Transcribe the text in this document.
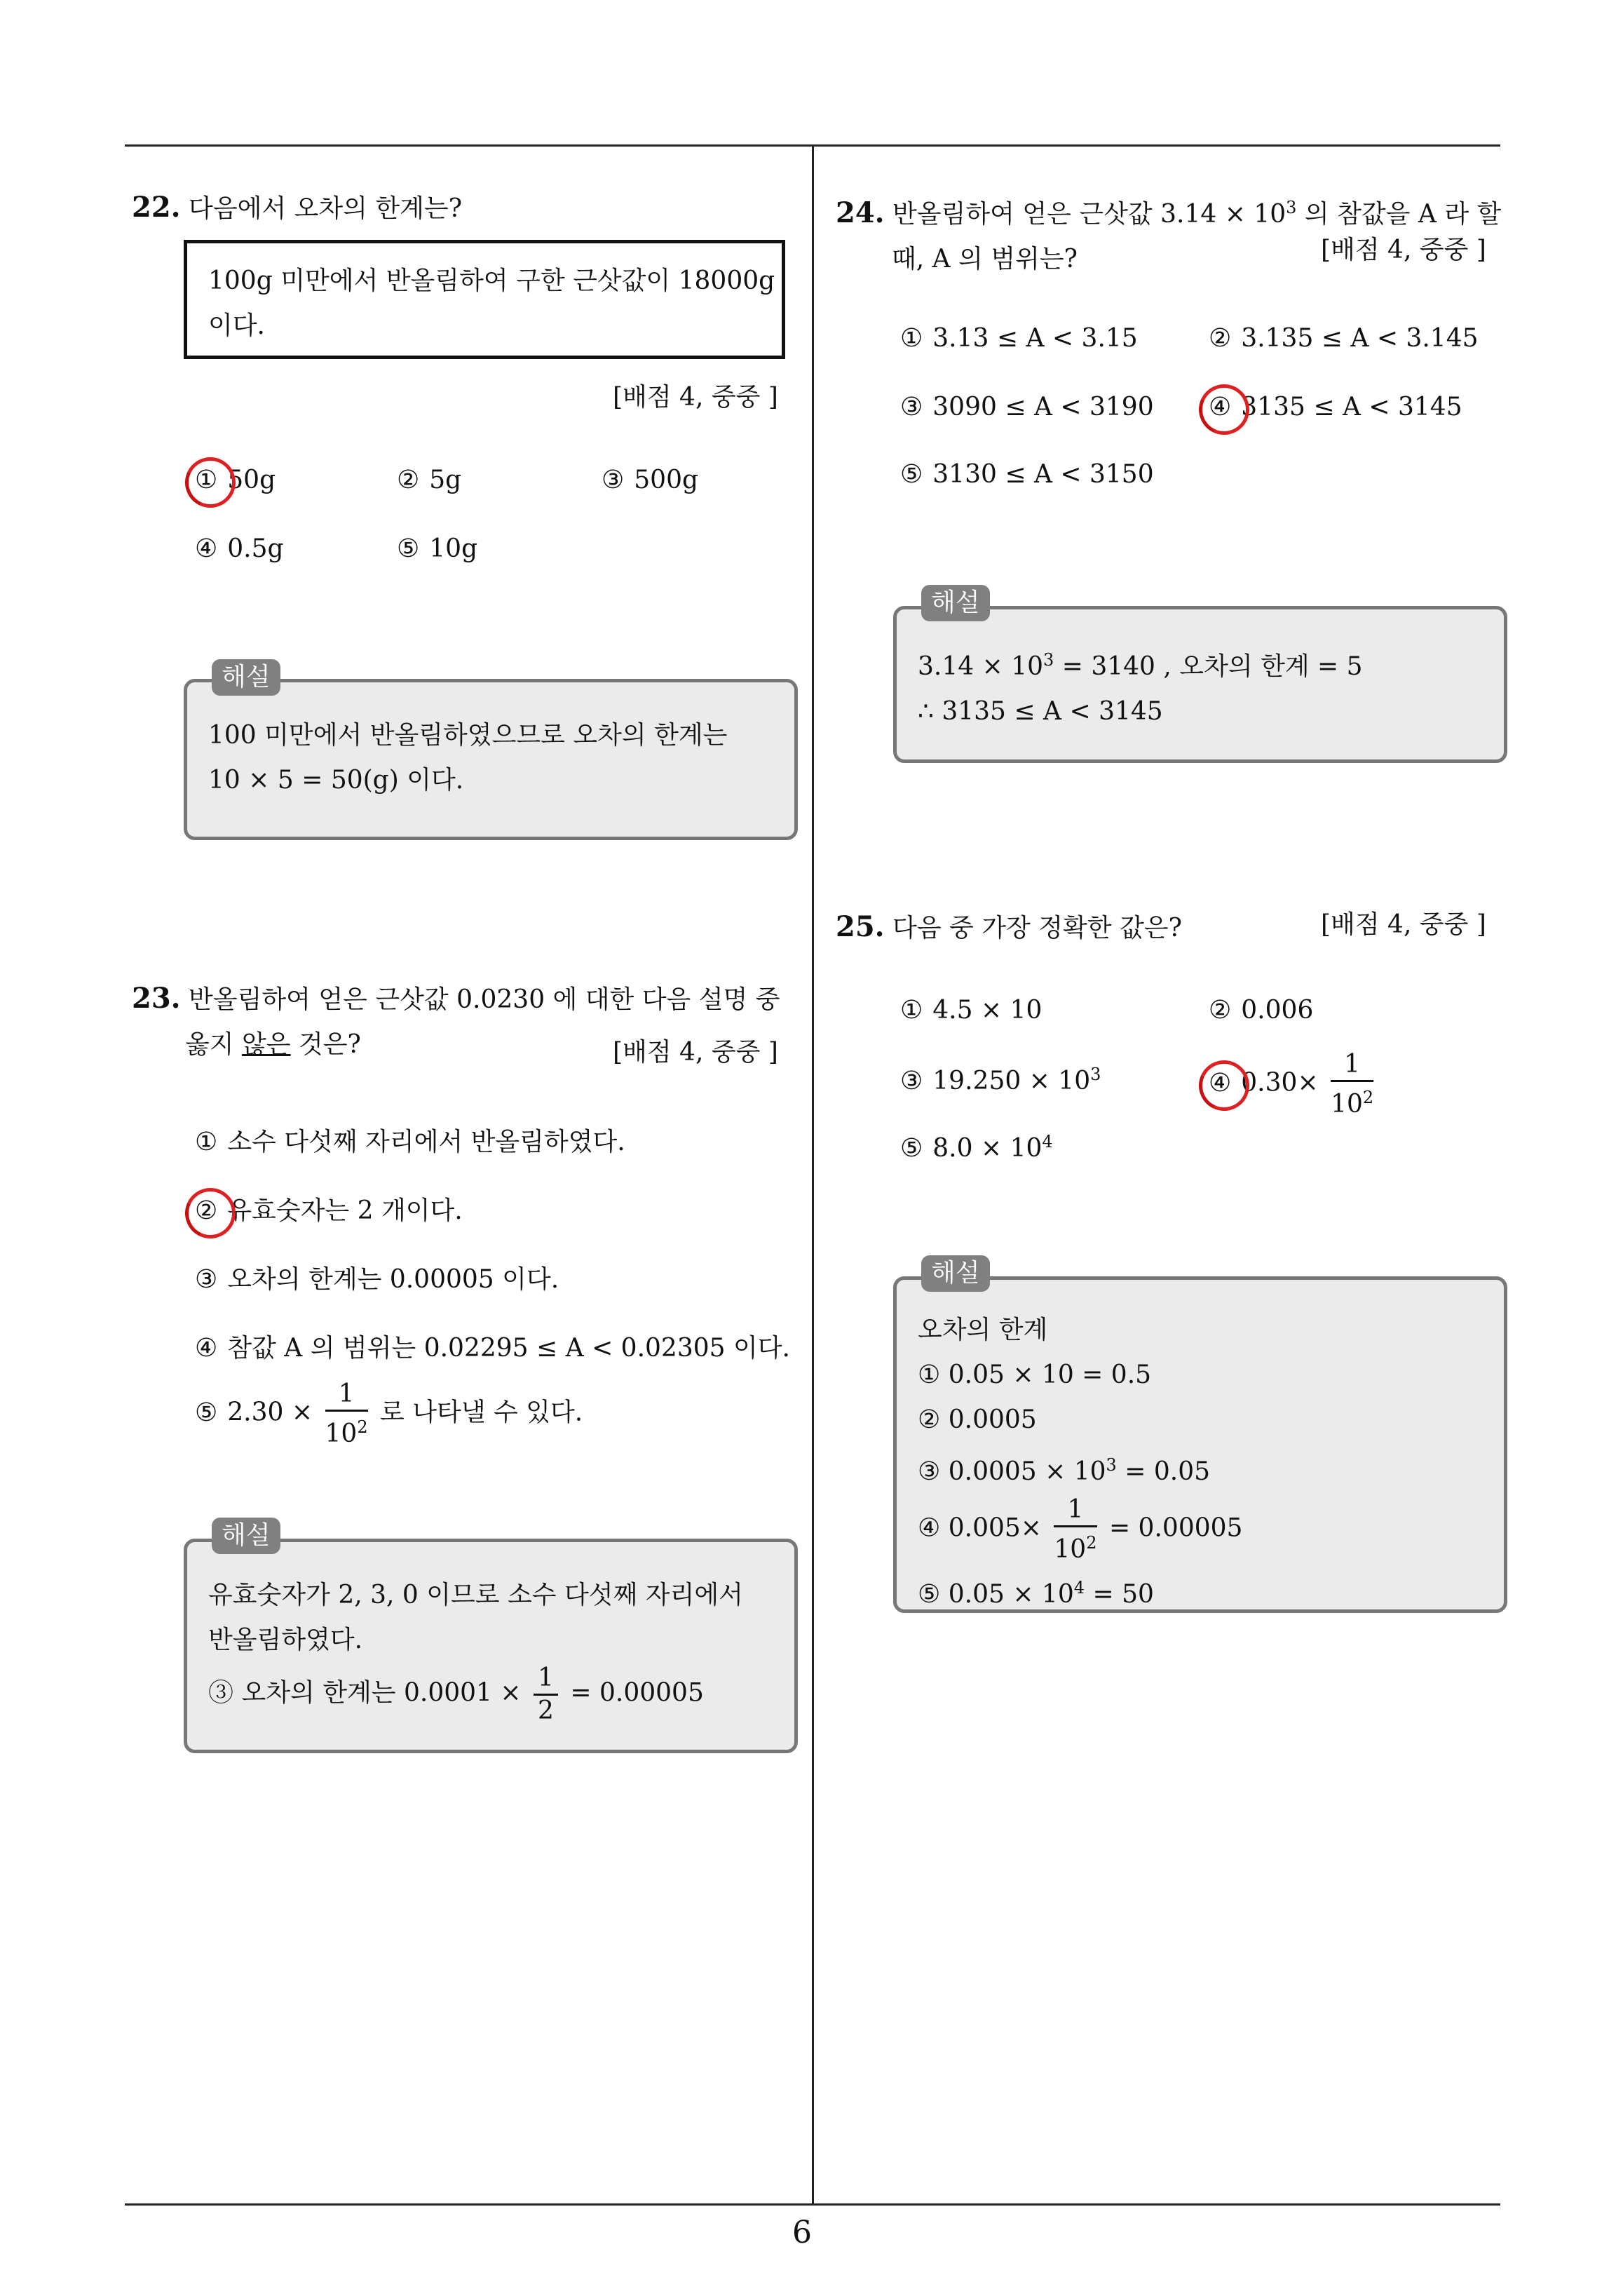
22. 다음에서 오차의 한계는?
100g 미만에서 반올림하여 구한 근삿값이 18000g
이다.
[배점 4, 중중 ]
① 50g	② 5g	③ 500g
④ 0.5g	⑤ 10g
100 미만에서 반올림하였으므로 오차의 한계는
10 × 5 = 50(g) 이다.
해설
23. 반올림하여 얻은 근삿값 0.0230 에 대한 다음 설명 중
옳지 않은 것은?	[배점 4, 중중 ]
① 소수 다섯째 자리에서 반올림하였다.
② 유효숫자는 2 개이다.
③ 오차의 한계는 0.00005 이다.
④ 참값 A 의 범위는 0.02295 ≤ A < 0.02305 이다.
⑤ $2.30 \times \frac{1}{10^2}$ 로 나타낼 수 있다.
유효숫자가 2, 3, 0 이므로 소수 다섯째 자리에서
반올림하였다.
③ 오차의 한계는 $0.0001 \times \frac{1}{2} = 0.00005$
해설
24. 반올림하여 얻은 근삿값 $3.14 \times 10^3$ 의 참값을 A 라 할
때, A 의 범위는?	[배점 4, 중중 ]
① 3.13 ≤ A < 3.15	② 3.135 ≤ A < 3.145
③ 3090 ≤ A < 3190 ④ 3135 ≤ A < 3145
⑤ 3130 ≤ A < 3150
$3.14 \times 10^3 = 3140$ , 오차의 한계 = 5
∴ 3135 ≤ A < 3145
해설
25. 다음 중 가장 정확한 값은?	[배점 4, 중중 ]
① 4.5 × 10	② 0.006
③ $19.250 \times 10^3$	④ $0.30\times \frac{1}{10^2}$
⑤ $8.0 \times 10^4$
오차의 한계
① 0.05 × 10 = 0.5
② 0.0005
③ $0.0005 \times 10^3 = 0.05$
④ $0.005\times \frac{1}{10^2} = 0.00005$
⑤ $0.05 \times 10^4 = 50$
해설
6
